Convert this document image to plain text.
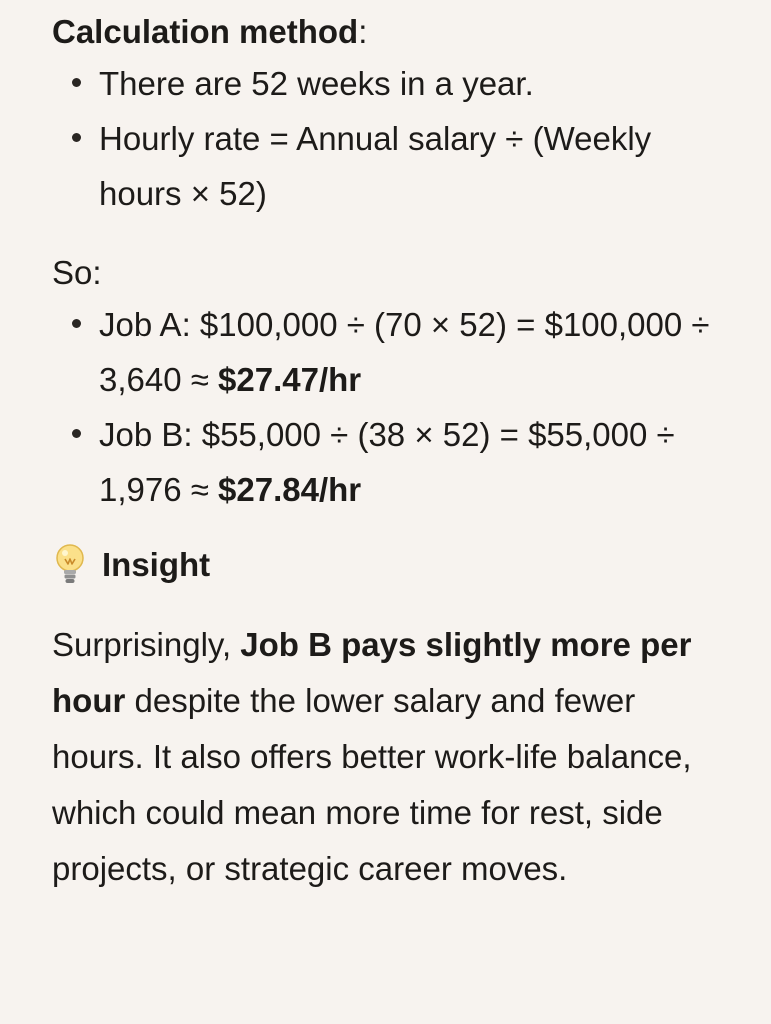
Calculation method:
There are 52 weeks in a year.
Hourly rate = Annual salary ÷ (Weekly hours × 52)
So:
Job A: $100,000 ÷ (70 × 52) = $100,000 ÷ 3,640 ≈ $27.47/hr
Job B: $55,000 ÷ (38 × 52) = $55,000 ÷ 1,976 ≈ $27.84/hr
Insight

Surprisingly, Job B pays slightly more per hour despite the lower salary and fewer hours. It also offers better work-life balance, which could mean more time for rest, side projects, or strategic career moves.
